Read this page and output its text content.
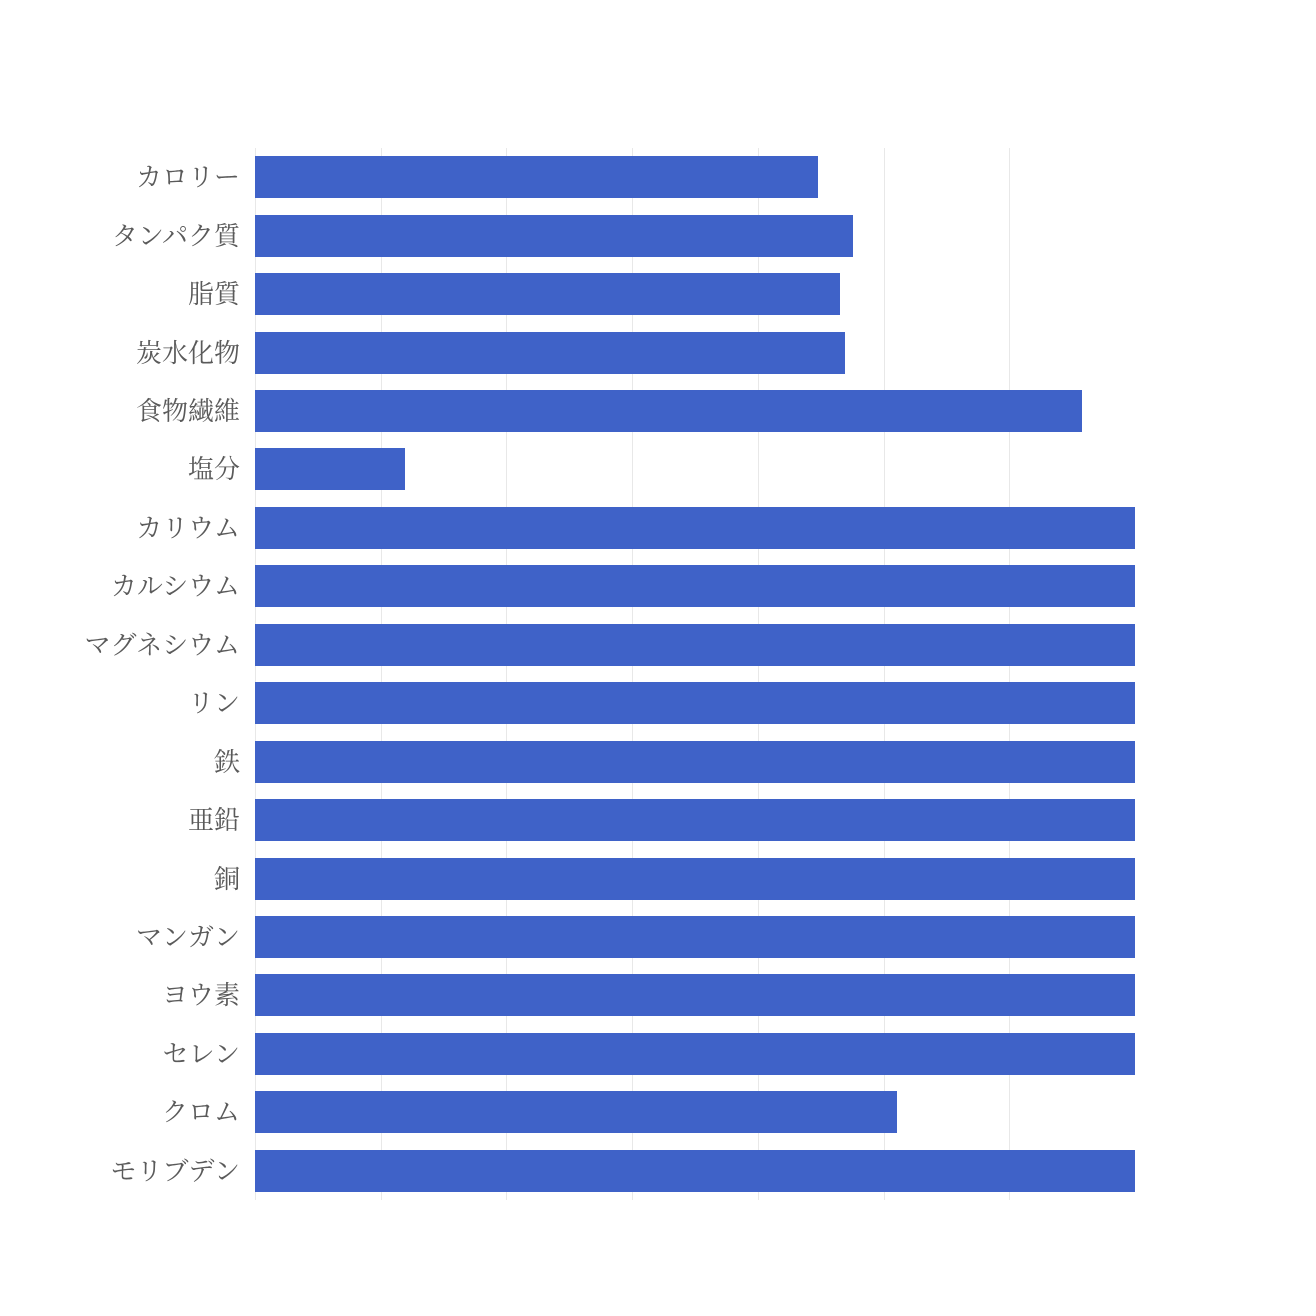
カロリー
タンパク質
脂質
炭水化物
食物繊維
塩分
カリウム
カルシウム
マグネシウム
リン
鉄
亜鉛
銅
マンガン
ヨウ素
セレン
クロム
モリブデン
